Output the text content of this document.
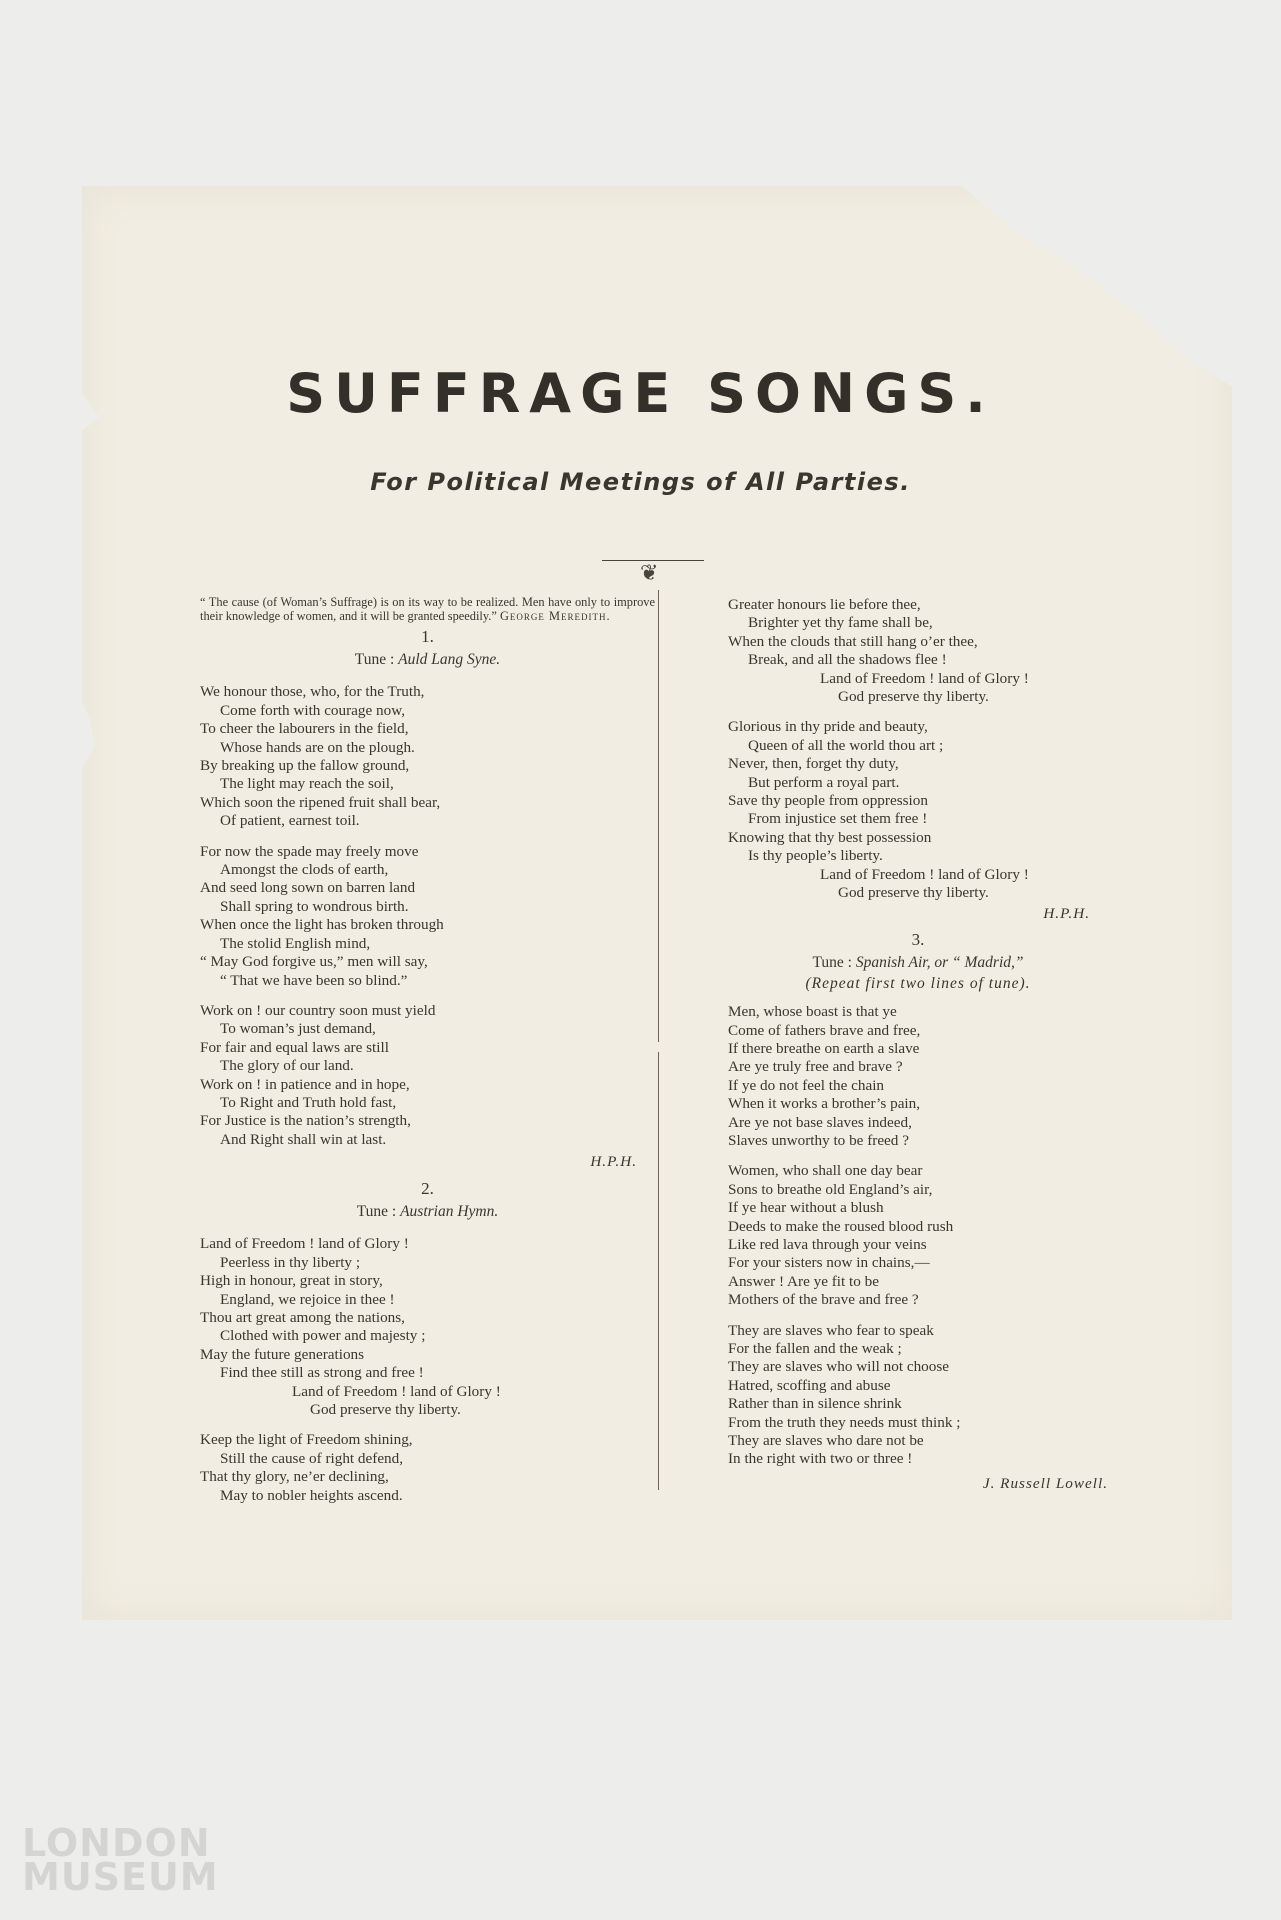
SUFFRAGE SONGS.
For Political Meetings of All Parties.
❦
“ The cause (of Woman’s Suffrage) is on its way to be realized. Men have only to improve their knowledge of women, and it will be granted speedily.” George Meredith.
1.
Tune : Auld Lang Syne.
We honour those, who, for the Truth,
Come forth with courage now,
To cheer the labourers in the field,
Whose hands are on the plough.
By breaking up the fallow ground,
The light may reach the soil,
Which soon the ripened fruit shall bear,
Of patient, earnest toil.
For now the spade may freely move
Amongst the clods of earth,
And seed long sown on barren land
Shall spring to wondrous birth.
When once the light has broken through
The stolid English mind,
“ May God forgive us,” men will say,
“ That we have been so blind.”
Work on ! our country soon must yield
To woman’s just demand,
For fair and equal laws are still
The glory of our land.
Work on ! in patience and in hope,
To Right and Truth hold fast,
For Justice is the nation’s strength,
And Right shall win at last.
H.P.H.
2.
Tune : Austrian Hymn.
Land of Freedom ! land of Glory !
Peerless in thy liberty ;
High in honour, great in story,
England, we rejoice in thee !
Thou art great among the nations,
Clothed with power and majesty ;
May the future generations
Find thee still as strong and free !
Land of Freedom ! land of Glory !
God preserve thy liberty.
Keep the light of Freedom shining,
Still the cause of right defend,
That thy glory, ne’er declining,
May to nobler heights ascend.
Greater honours lie before thee,
Brighter yet thy fame shall be,
When the clouds that still hang o’er thee,
Break, and all the shadows flee !
Land of Freedom ! land of Glory !
God preserve thy liberty.
Glorious in thy pride and beauty,
Queen of all the world thou art ;
Never, then, forget thy duty,
But perform a royal part.
Save thy people from oppression
From injustice set them free !
Knowing that thy best possession
Is thy people’s liberty.
Land of Freedom ! land of Glory !
God preserve thy liberty.
H.P.H.
3.
Tune : Spanish Air, or “ Madrid,”
(Repeat first two lines of tune).
Men, whose boast is that ye
Come of fathers brave and free,
If there breathe on earth a slave
Are ye truly free and brave ?
If ye do not feel the chain
When it works a brother’s pain,
Are ye not base slaves indeed,
Slaves unworthy to be freed ?
Women, who shall one day bear
Sons to breathe old England’s air,
If ye hear without a blush
Deeds to make the roused blood rush
Like red lava through your veins
For your sisters now in chains,—
Answer ! Are ye fit to be
Mothers of the brave and free ?
They are slaves who fear to speak
For the fallen and the weak ;
They are slaves who will not choose
Hatred, scoffing and abuse
Rather than in silence shrink
From the truth they needs must think ;
They are slaves who dare not be
In the right with two or three !
J. Russell Lowell.
LONDON
MUSEUM
